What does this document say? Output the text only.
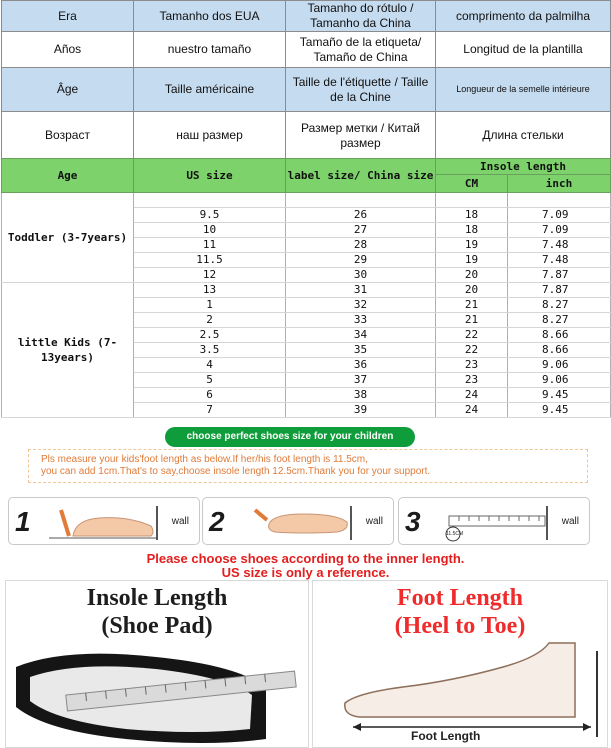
Era	Tamanho dos EUA	Tamanho do rótulo / Tamanho da China	comprimento da palmilha
Años	nuestro tamaño	Tamaño de la etiqueta/ Tamaño de China	Longitud de la plantilla
Âge	Taille américaine	Taille de l'étiquette / Taille de la Chine	Longueur de la semelle intérieure
Возраст	наш размер	Размер метки / Китай размер	Длина стельки
Age	US size	label size/ China size	Insole length	
			CM	inch
Toddler (3-7years)				
	9.5	26	18	7.09
	10	27	18	7.09
	11	28	19	7.48
	11.5	29	19	7.48
	12	30	20	7.87
little Kids (7-13years)	13	31	20	7.87
	1	32	21	8.27
	2	33	21	8.27
	2.5	34	22	8.66
	3.5	35	22	8.66
	4	36	23	9.06
	5	37	23	9.06
	6	38	24	9.45
	7	39	24	9.45
choose perfect shoes size for your children
Pls measure your kids'foot length as below.If her/his foot length is 11.5cm,
you can add 1cm.That's to say,choose insole length 12.5cm.Thank you for your support.
1	wall 2	wall 3	11.5CM
wall
Please choose shoes according to the inner length.
US size is only a reference.
Insole Length
(Shoe Pad)
Foot Length
(Heel to Toe)
Foot Length
